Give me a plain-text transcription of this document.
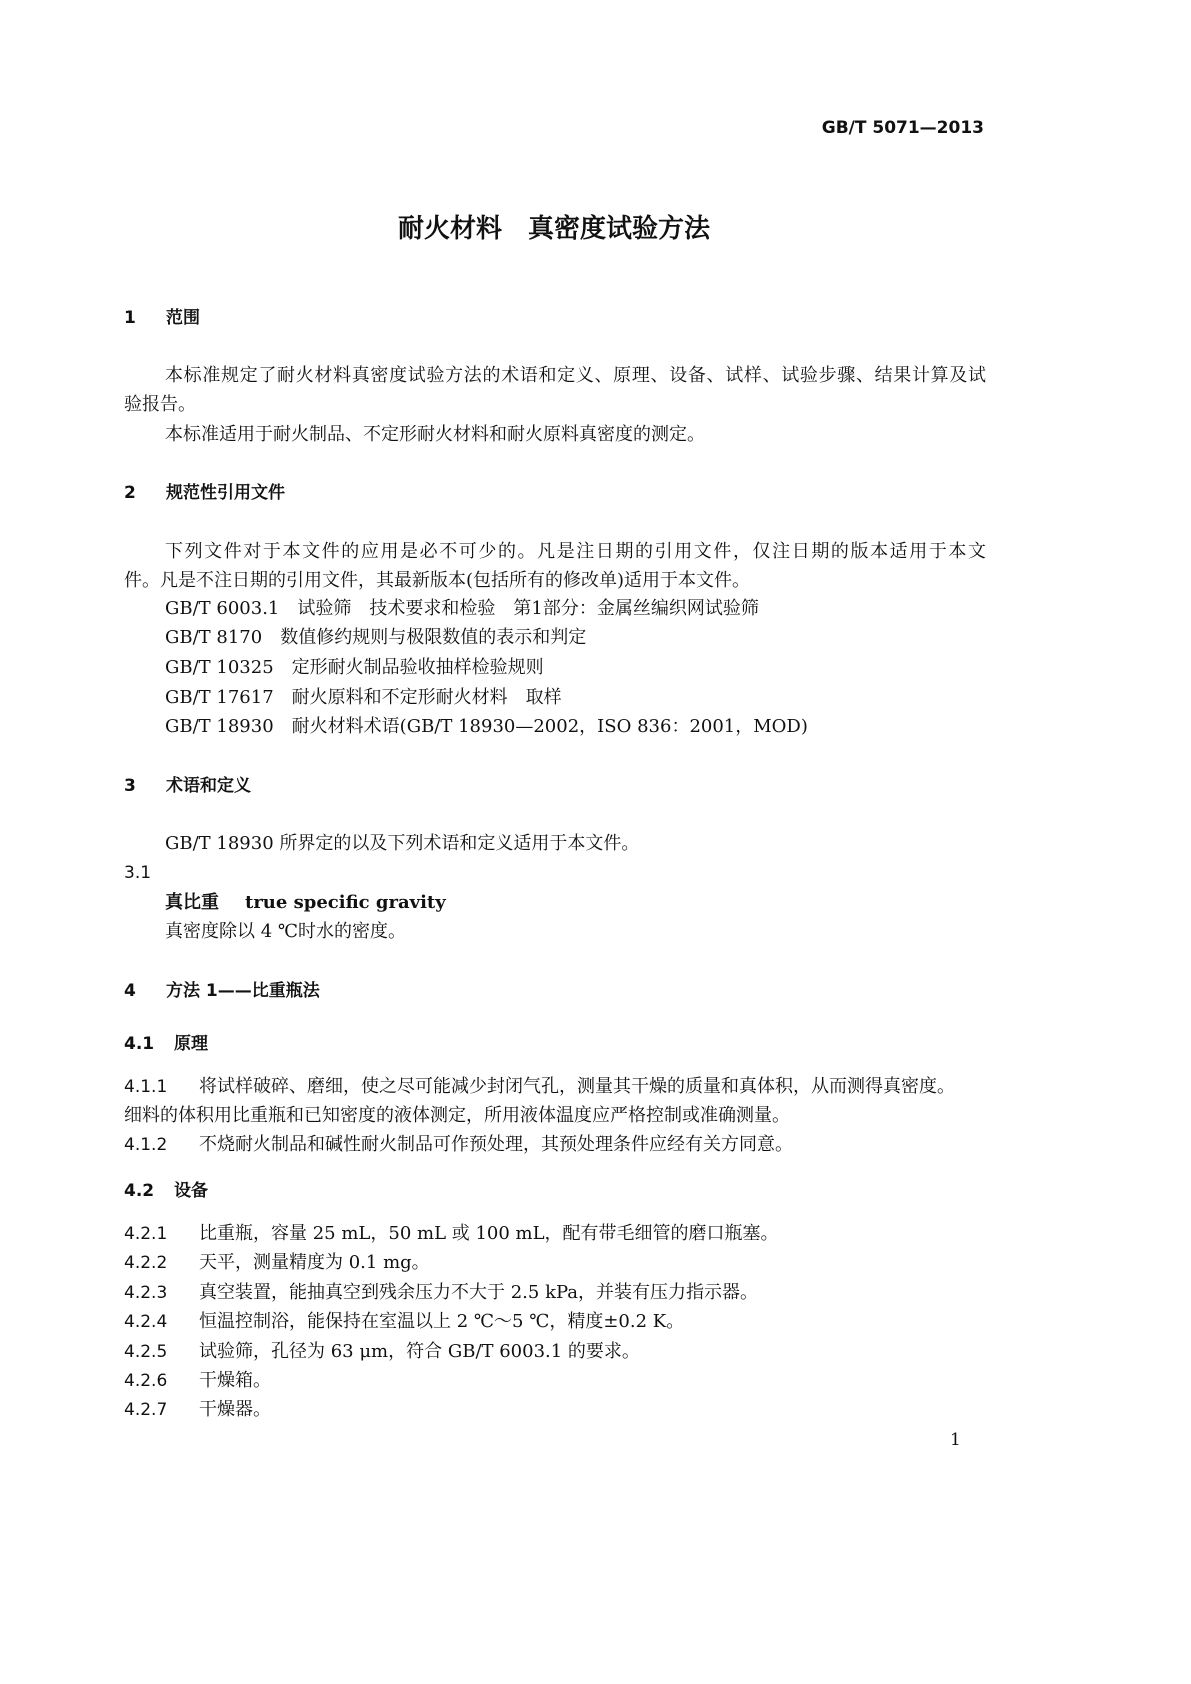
GB/T 5071—2013
耐火材料　真密度试验方法
1 范围
本标准规定了耐火材料真密度试验方法的术语和定义、原理、设备、试样、试验步骤、结果计算及试
验报告。
本标准适用于耐火制品、不定形耐火材料和耐火原料真密度的测定。
2 规范性引用文件
下列文件对于本文件的应用是必不可少的。凡是注日期的引用文件，仅注日期的版本适用于本文
件。凡是不注日期的引用文件，其最新版本(包括所有的修改单)适用于本文件。
GB/T 6003.1 试验筛　技术要求和检验　第1部分：金属丝编织网试验筛
GB/T 8170 数值修约规则与极限数值的表示和判定
GB/T 10325 定形耐火制品验收抽样检验规则
GB/T 17617 耐火原料和不定形耐火材料　取样
GB/T 18930 耐火材料术语(GB/T 18930—2002，ISO 836：2001，MOD)
3 术语和定义
GB/T 18930 所界定的以及下列术语和定义适用于本文件。
3.1
真比重 true specific gravity
真密度除以 4 ℃时水的密度。
4 方法 1——比重瓶法
4.1 原理
4.1.1 将试样破碎、磨细，使之尽可能减少封闭气孔，测量其干燥的质量和真体积，从而测得真密度。
细料的体积用比重瓶和已知密度的液体测定，所用液体温度应严格控制或准确测量。
4.1.2 不烧耐火制品和碱性耐火制品可作预处理，其预处理条件应经有关方同意。
4.2 设备
4.2.1 比重瓶，容量 25 mL，50 mL 或 100 mL，配有带毛细管的磨口瓶塞。
4.2.2 天平，测量精度为 0.1 mg。
4.2.3 真空装置，能抽真空到残余压力不大于 2.5 kPa，并装有压力指示器。
4.2.4 恒温控制浴，能保持在室温以上 2 ℃～5 ℃，精度±0.2 K。
4.2.5 试验筛，孔径为 63 μm，符合 GB/T 6003.1 的要求。
4.2.6 干燥箱。
4.2.7 干燥器。
1
